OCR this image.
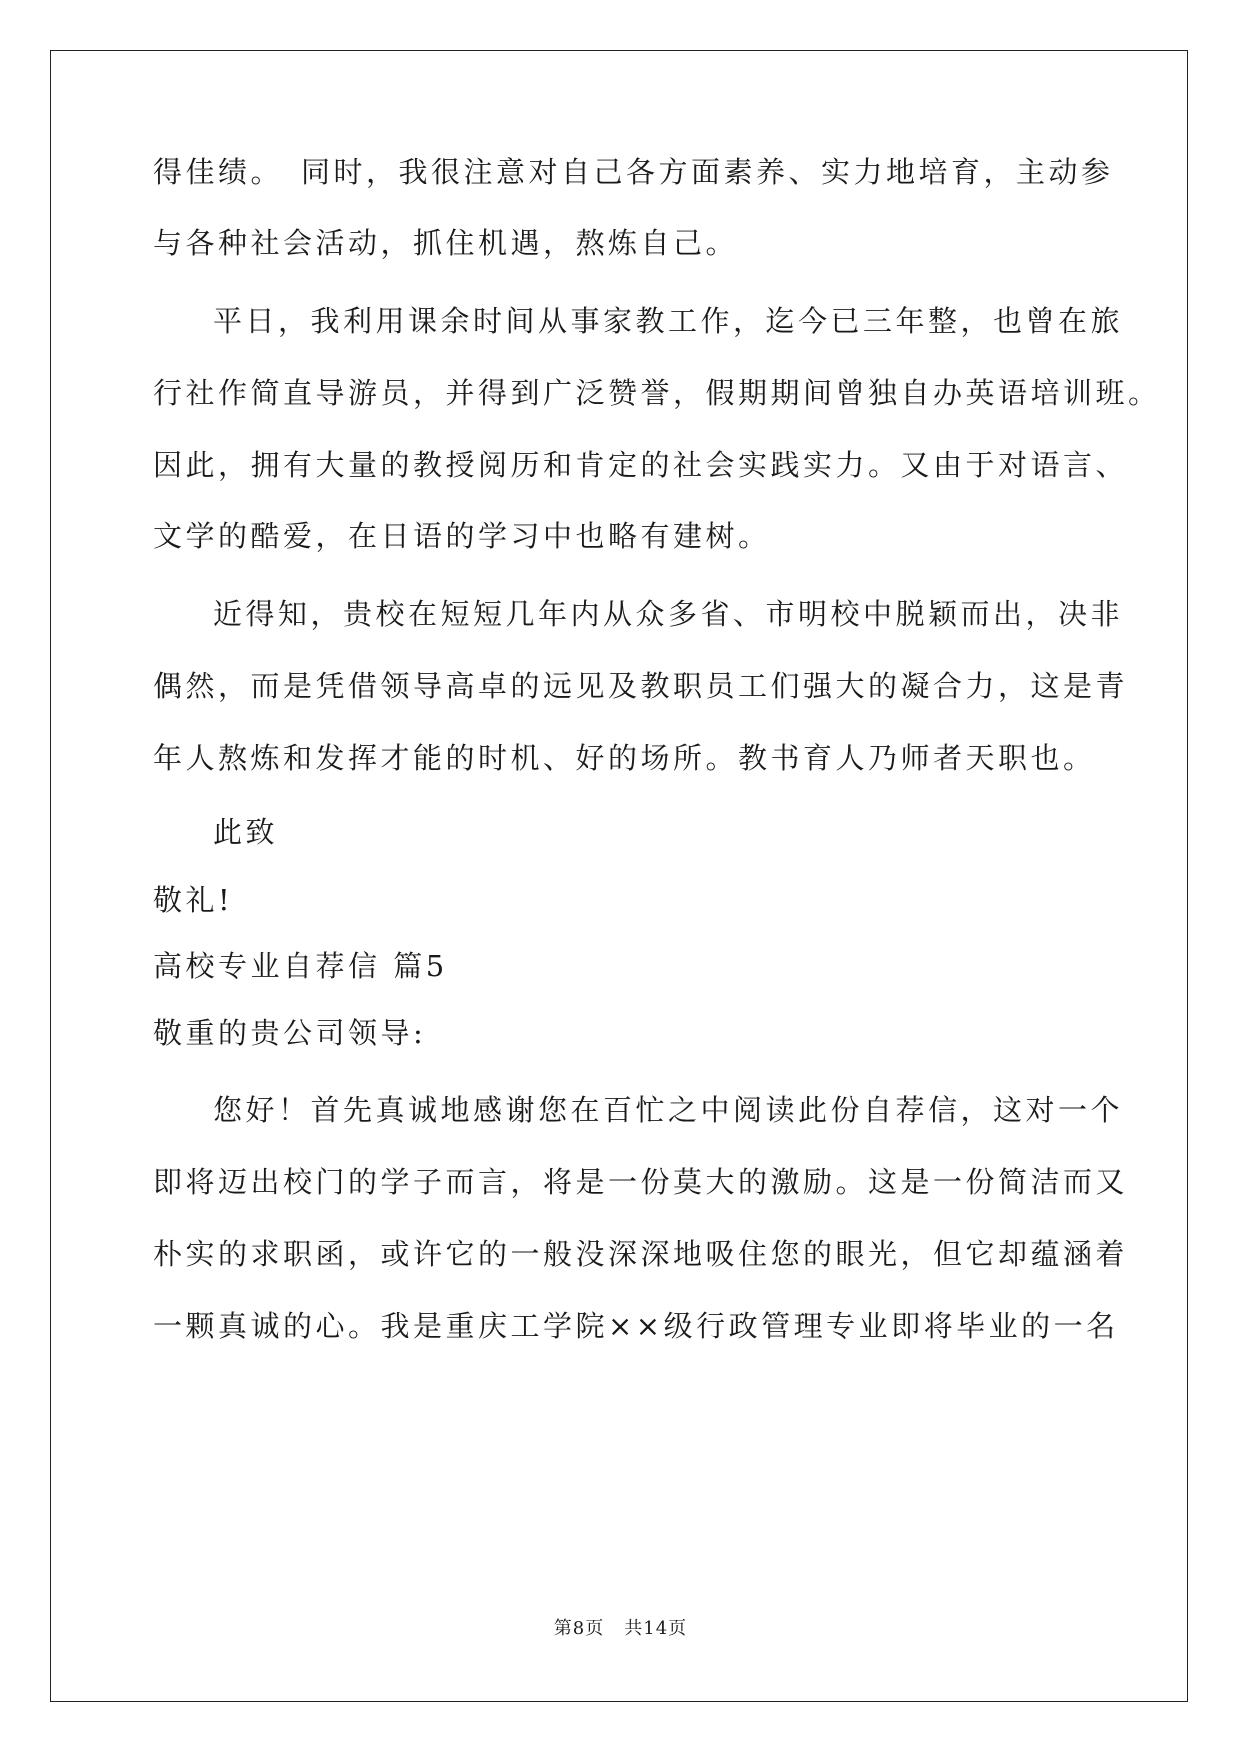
得佳绩。　同时，我很注意对自己各方面素养、实力地培育，主动参
与各种社会活动，抓住机遇，熬炼自己。
平日，我利用课余时间从事家教工作，迄今已三年整，也曾在旅
行社作简直导游员，并得到广泛赞誉，假期期间曾独自办英语培训班。
因此，拥有大量的教授阅历和肯定的社会实践实力。又由于对语言、
文学的酷爱，在日语的学习中也略有建树。
近得知，贵校在短短几年内从众多省、市明校中脱颖而出，决非
偶然，而是凭借领导高卓的远见及教职员工们强大的凝合力，这是青
年人熬炼和发挥才能的时机、好的场所。教书育人乃师者天职也。
此致
敬礼!
高校专业自荐信 篇5
敬重的贵公司领导:
您好！首先真诚地感谢您在百忙之中阅读此份自荐信，这对一个
即将迈出校门的学子而言，将是一份莫大的激励。这是一份简洁而又
朴实的求职函，或许它的一般没深深地吸住您的眼光，但它却蕴涵着
一颗真诚的心。我是重庆工学院××级行政管理专业即将毕业的一名
第8页 共14页
